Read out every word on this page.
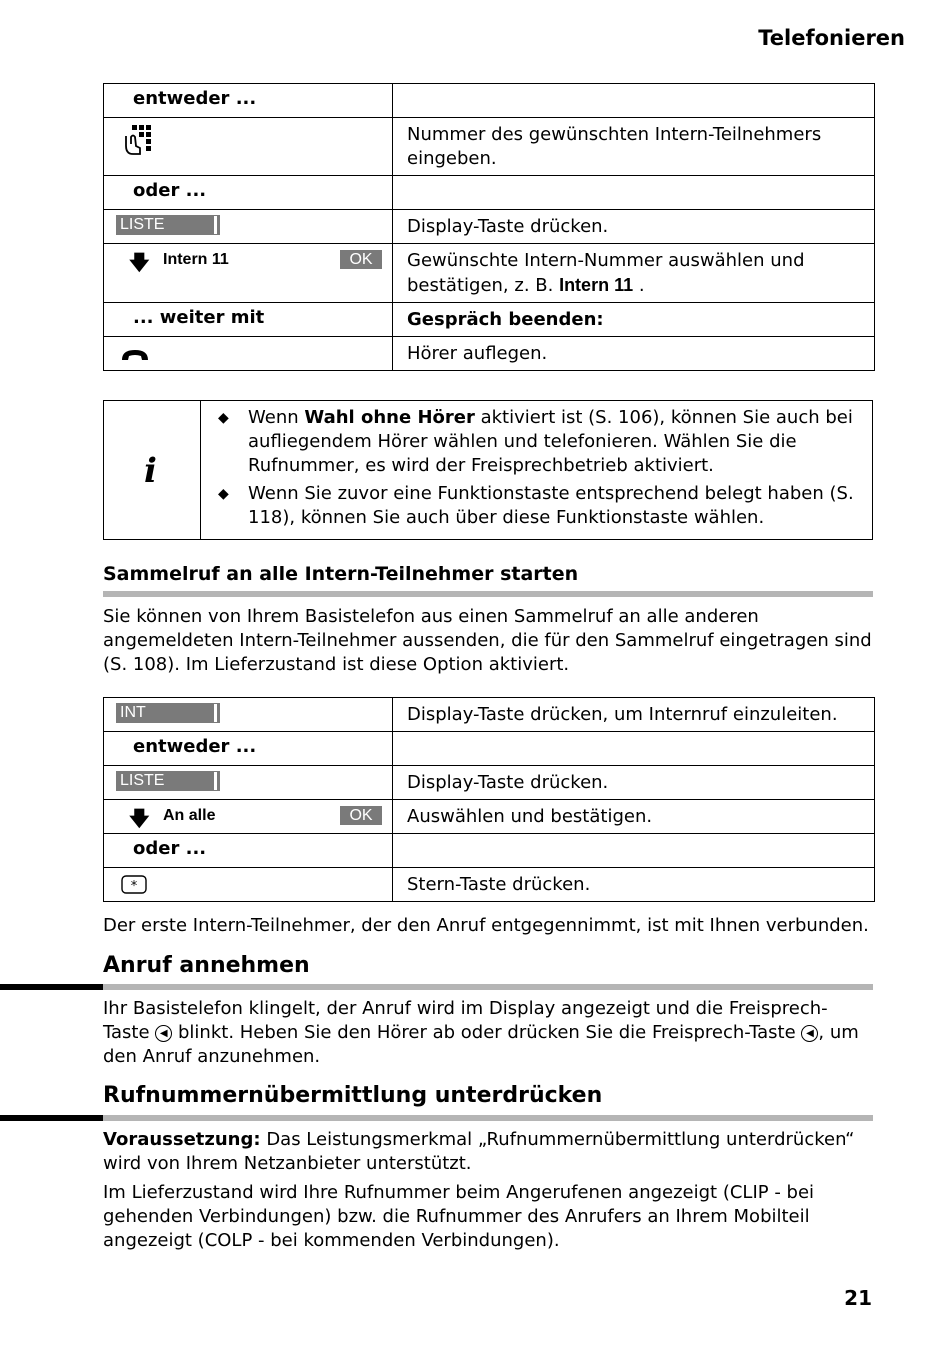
Telefonieren
entweder ...	

	Nummer des gewünschten Intern-Teilnehmers eingeben.

oder ...	

LISTE	Display-Taste drücken.

🡇 Intern 11 OK	Gewünschte Intern-Nummer auswählen und bestätigen, z. B. Intern 11 .

... weiter mit	Gespräch beenden:

	Hörer auflegen.
i
◆ Wenn Wahl ohne Hörer aktiviert ist (S. 106), können Sie auch bei aufliegendem Hörer wählen und telefonieren. Wählen Sie die Rufnummer, es wird der Freisprechbetrieb aktiviert.
◆ Wenn Sie zuvor eine Funktionstaste entsprechend belegt haben (S. 118), können Sie auch über diese Funktionstaste wählen.
Sammelruf an alle Intern-Teilnehmer starten

Sie können von Ihrem Basistelefon aus einen Sammelruf an alle anderen angemeldeten Intern-Teilnehmer aussenden, die für den Sammelruf eingetragen sind (S. 108). Im Lieferzustand ist diese Option aktiviert.

INT	Display-Taste drücken, um Internruf einzuleiten.

entweder ...	

LISTE	Display-Taste drücken.

🡇 An alle OK	Auswählen und bestätigen.

oder ...	

*	Stern-Taste drücken.

Der erste Intern-Teilnehmer, der den Anruf entgegennimmt, ist mit Ihnen verbunden.

Anruf annehmen

Ihr Basistelefon klingelt, der Anruf wird im Display angezeigt und die Freisprech-
Taste ◀ blinkt. Heben Sie den Hörer ab oder drücken Sie die Freisprech-Taste ◀ , um
den Anruf anzunehmen.

Rufnummernübermittlung unterdrücken

Voraussetzung: Das Leistungsmerkmal „Rufnummernübermittlung unterdrücken“ wird von Ihrem Netzanbieter unterstützt.

Im Lieferzustand wird Ihre Rufnummer beim Angerufenen angezeigt (CLIP - bei gehenden Verbindungen) bzw. die Rufnummer des Anrufers an Ihrem Mobilteil angezeigt (COLP - bei kommenden Verbindungen).

21
